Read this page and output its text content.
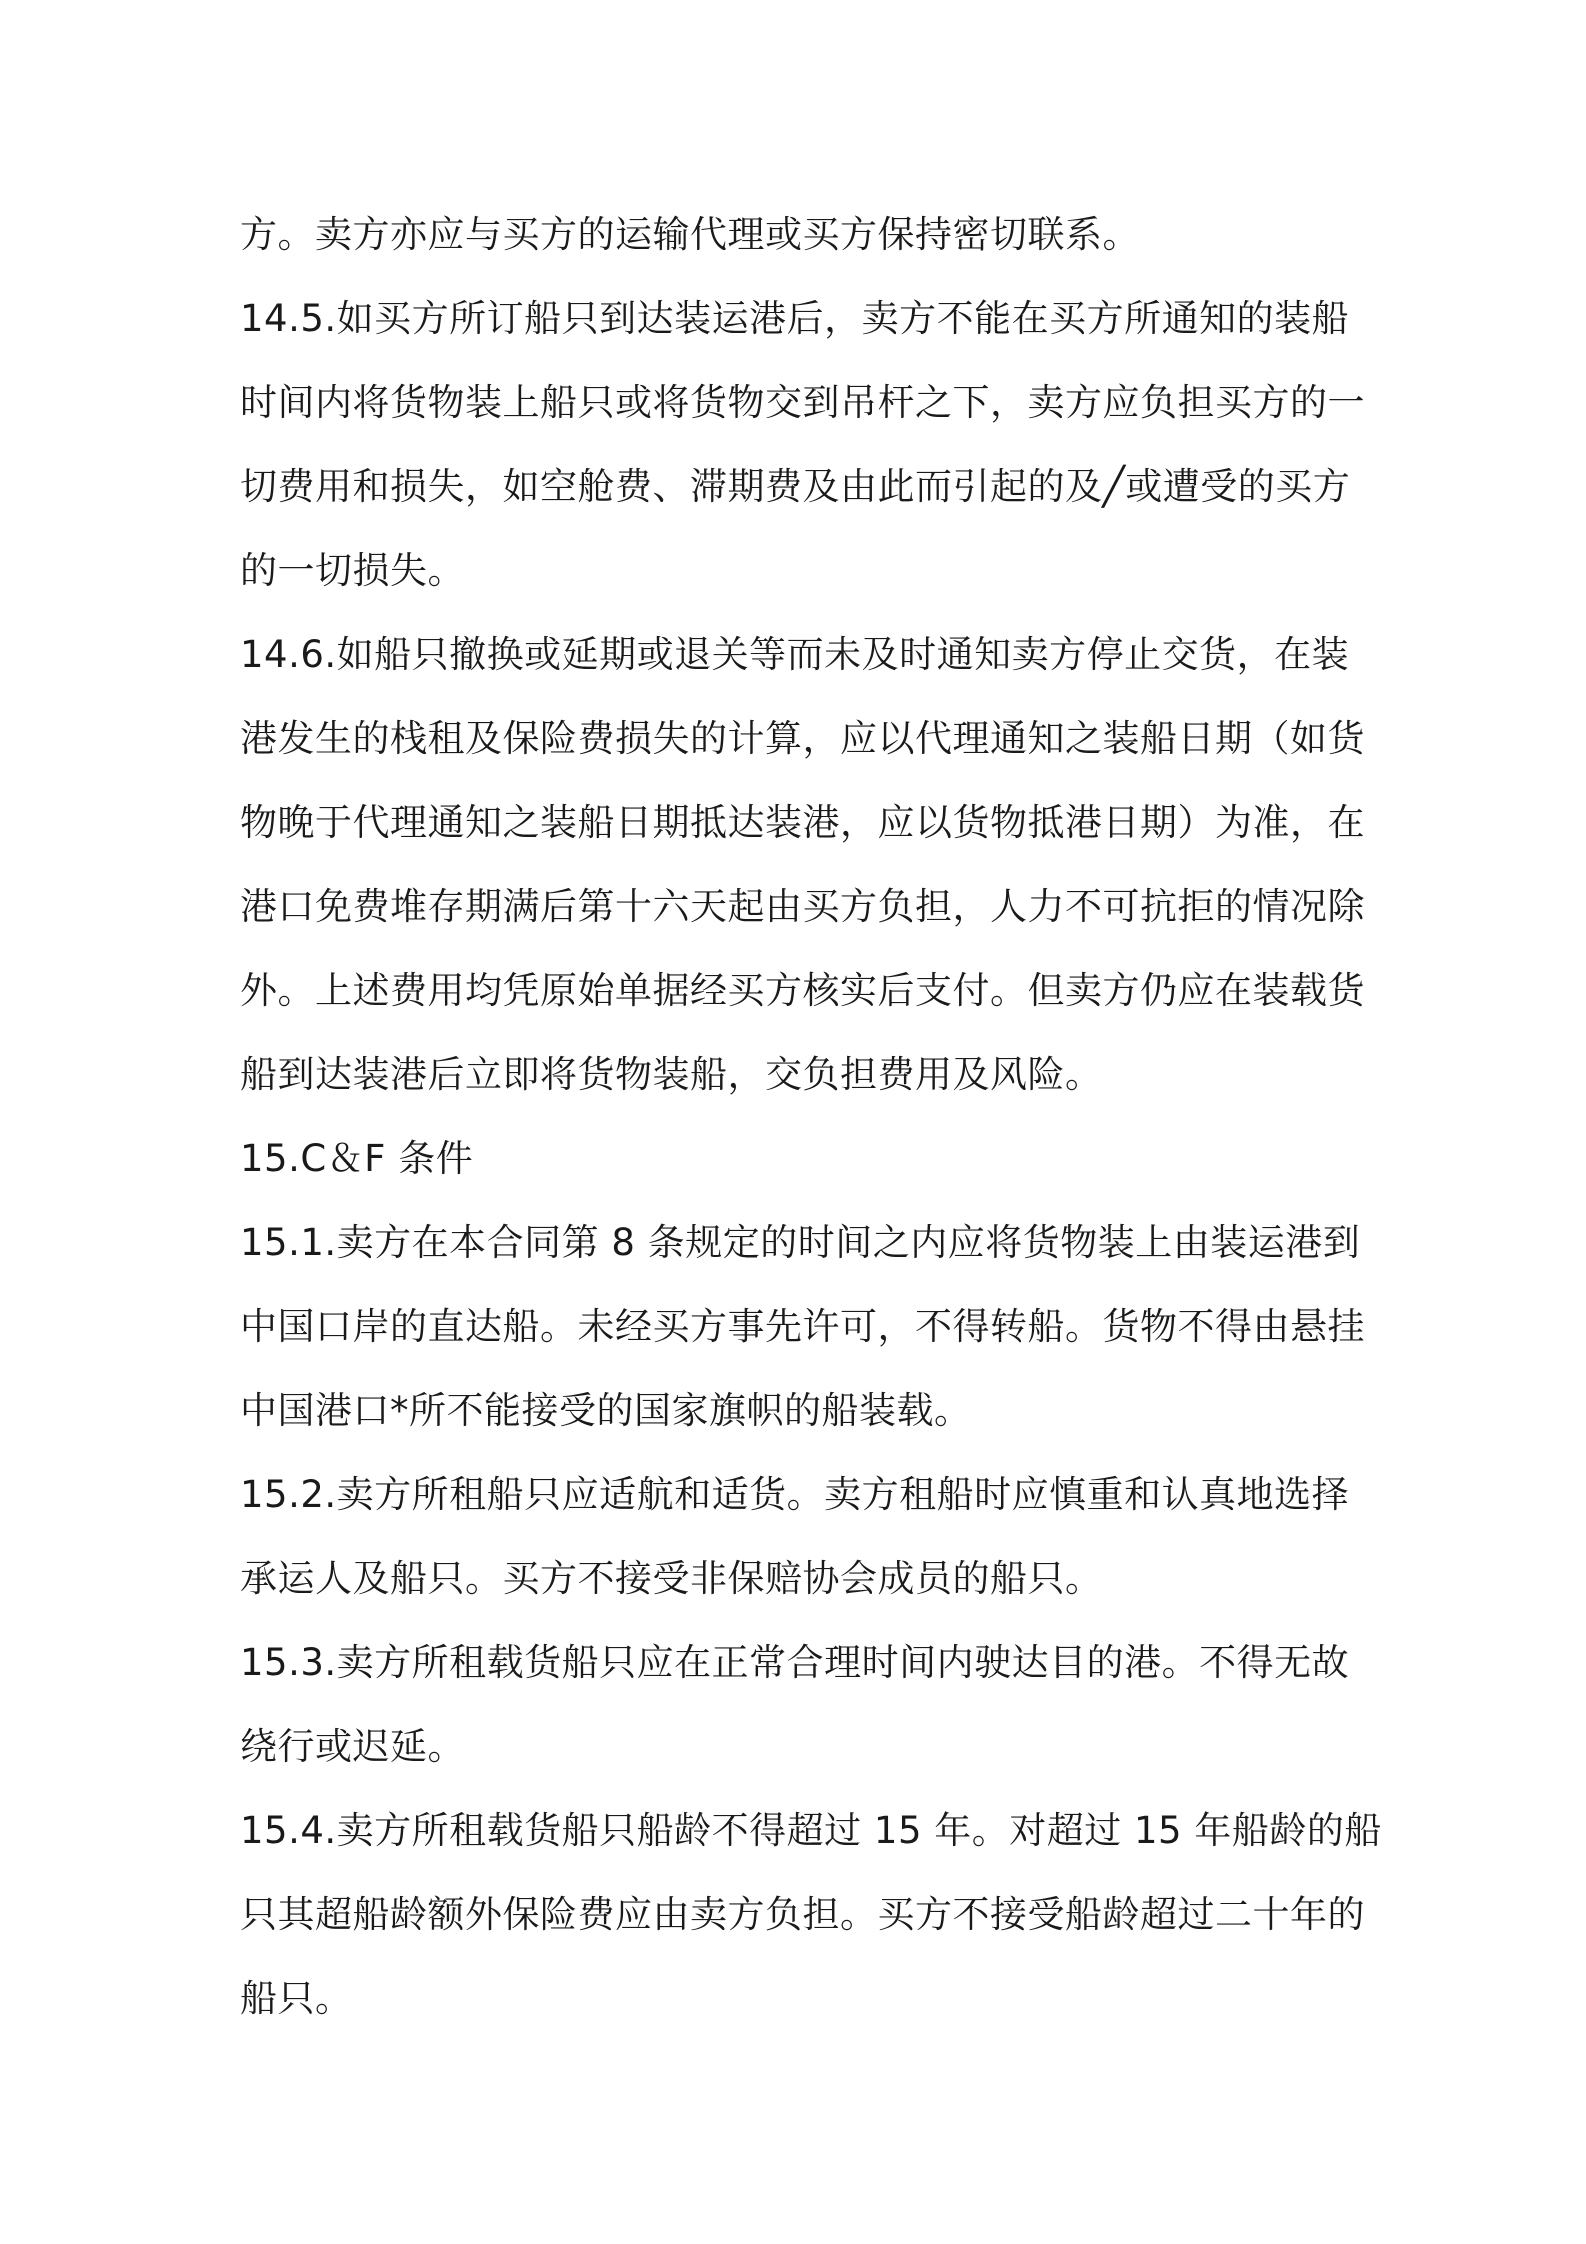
方。卖方亦应与买方的运输代理或买方保持密切联系。
14.5.如买方所订船只到达装运港后，卖方不能在买方所通知的装船
时间内将货物装上船只或将货物交到吊杆之下，卖方应负担买方的一
切费用和损失，如空舱费、滞期费及由此而引起的及╱或遭受的买方
的一切损失。
14.6.如船只撤换或延期或退关等而未及时通知卖方停止交货，在装
港发生的栈租及保险费损失的计算，应以代理通知之装船日期（如货
物晚于代理通知之装船日期抵达装港，应以货物抵港日期）为准，在
港口免费堆存期满后第十六天起由买方负担，人力不可抗拒的情况除
外。上述费用均凭原始单据经买方核实后支付。但卖方仍应在装载货
船到达装港后立即将货物装船，交负担费用及风险。
15.C＆F 条件
15.1.卖方在本合同第 8 条规定的时间之内应将货物装上由装运港到
中国口岸的直达船。未经买方事先许可，不得转船。货物不得由悬挂
中国港口*所不能接受的国家旗帜的船装载。
15.2.卖方所租船只应适航和适货。卖方租船时应慎重和认真地选择
承运人及船只。买方不接受非保赔协会成员的船只。
15.3.卖方所租载货船只应在正常合理时间内驶达目的港。不得无故
绕行或迟延。
15.4.卖方所租载货船只船龄不得超过 15 年。对超过 15 年船龄的船
只其超船龄额外保险费应由卖方负担。买方不接受船龄超过二十年的
船只。
